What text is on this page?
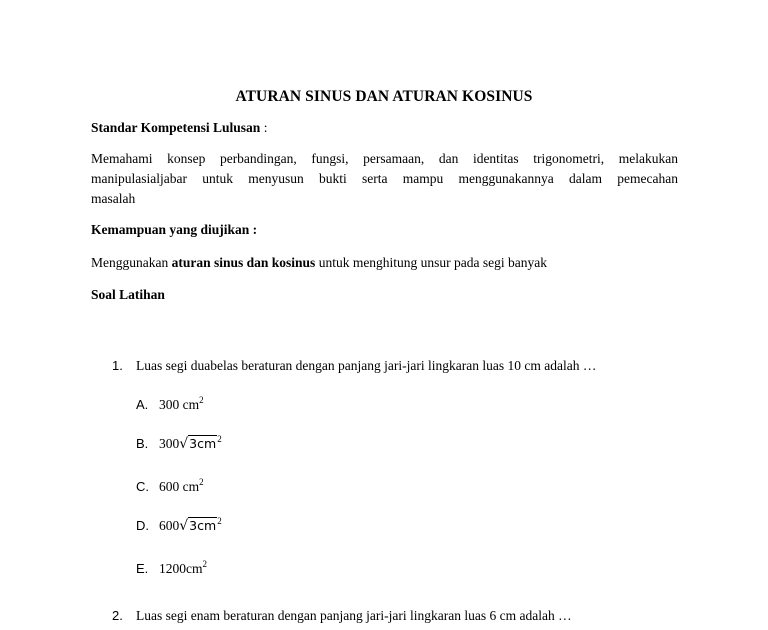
ATURAN SINUS DAN ATURAN KOSINUS
Standar Kompetensi Lulusan :
Memahami konsep perbandingan, fungsi, persamaan, dan identitas trigonometri, melakukan
manipulasialjabar untuk menyusun bukti serta mampu menggunakannya dalam pemecahan
masalah
Kemampuan yang diujikan :
Menggunakan aturan sinus dan kosinus untuk menghitung unsur pada segi banyak
Soal Latihan
1. Luas segi duabelas beraturan dengan panjang jari-jari lingkaran luas 10 cm adalah …
A. 300 $cm^2$
B. $300√3cm^2$
C. 600 $cm^2$
D. $600√3cm^2$
E. $1200cm^2$
2. Luas segi enam beraturan dengan panjang jari-jari lingkaran luas 6 cm adalah …
